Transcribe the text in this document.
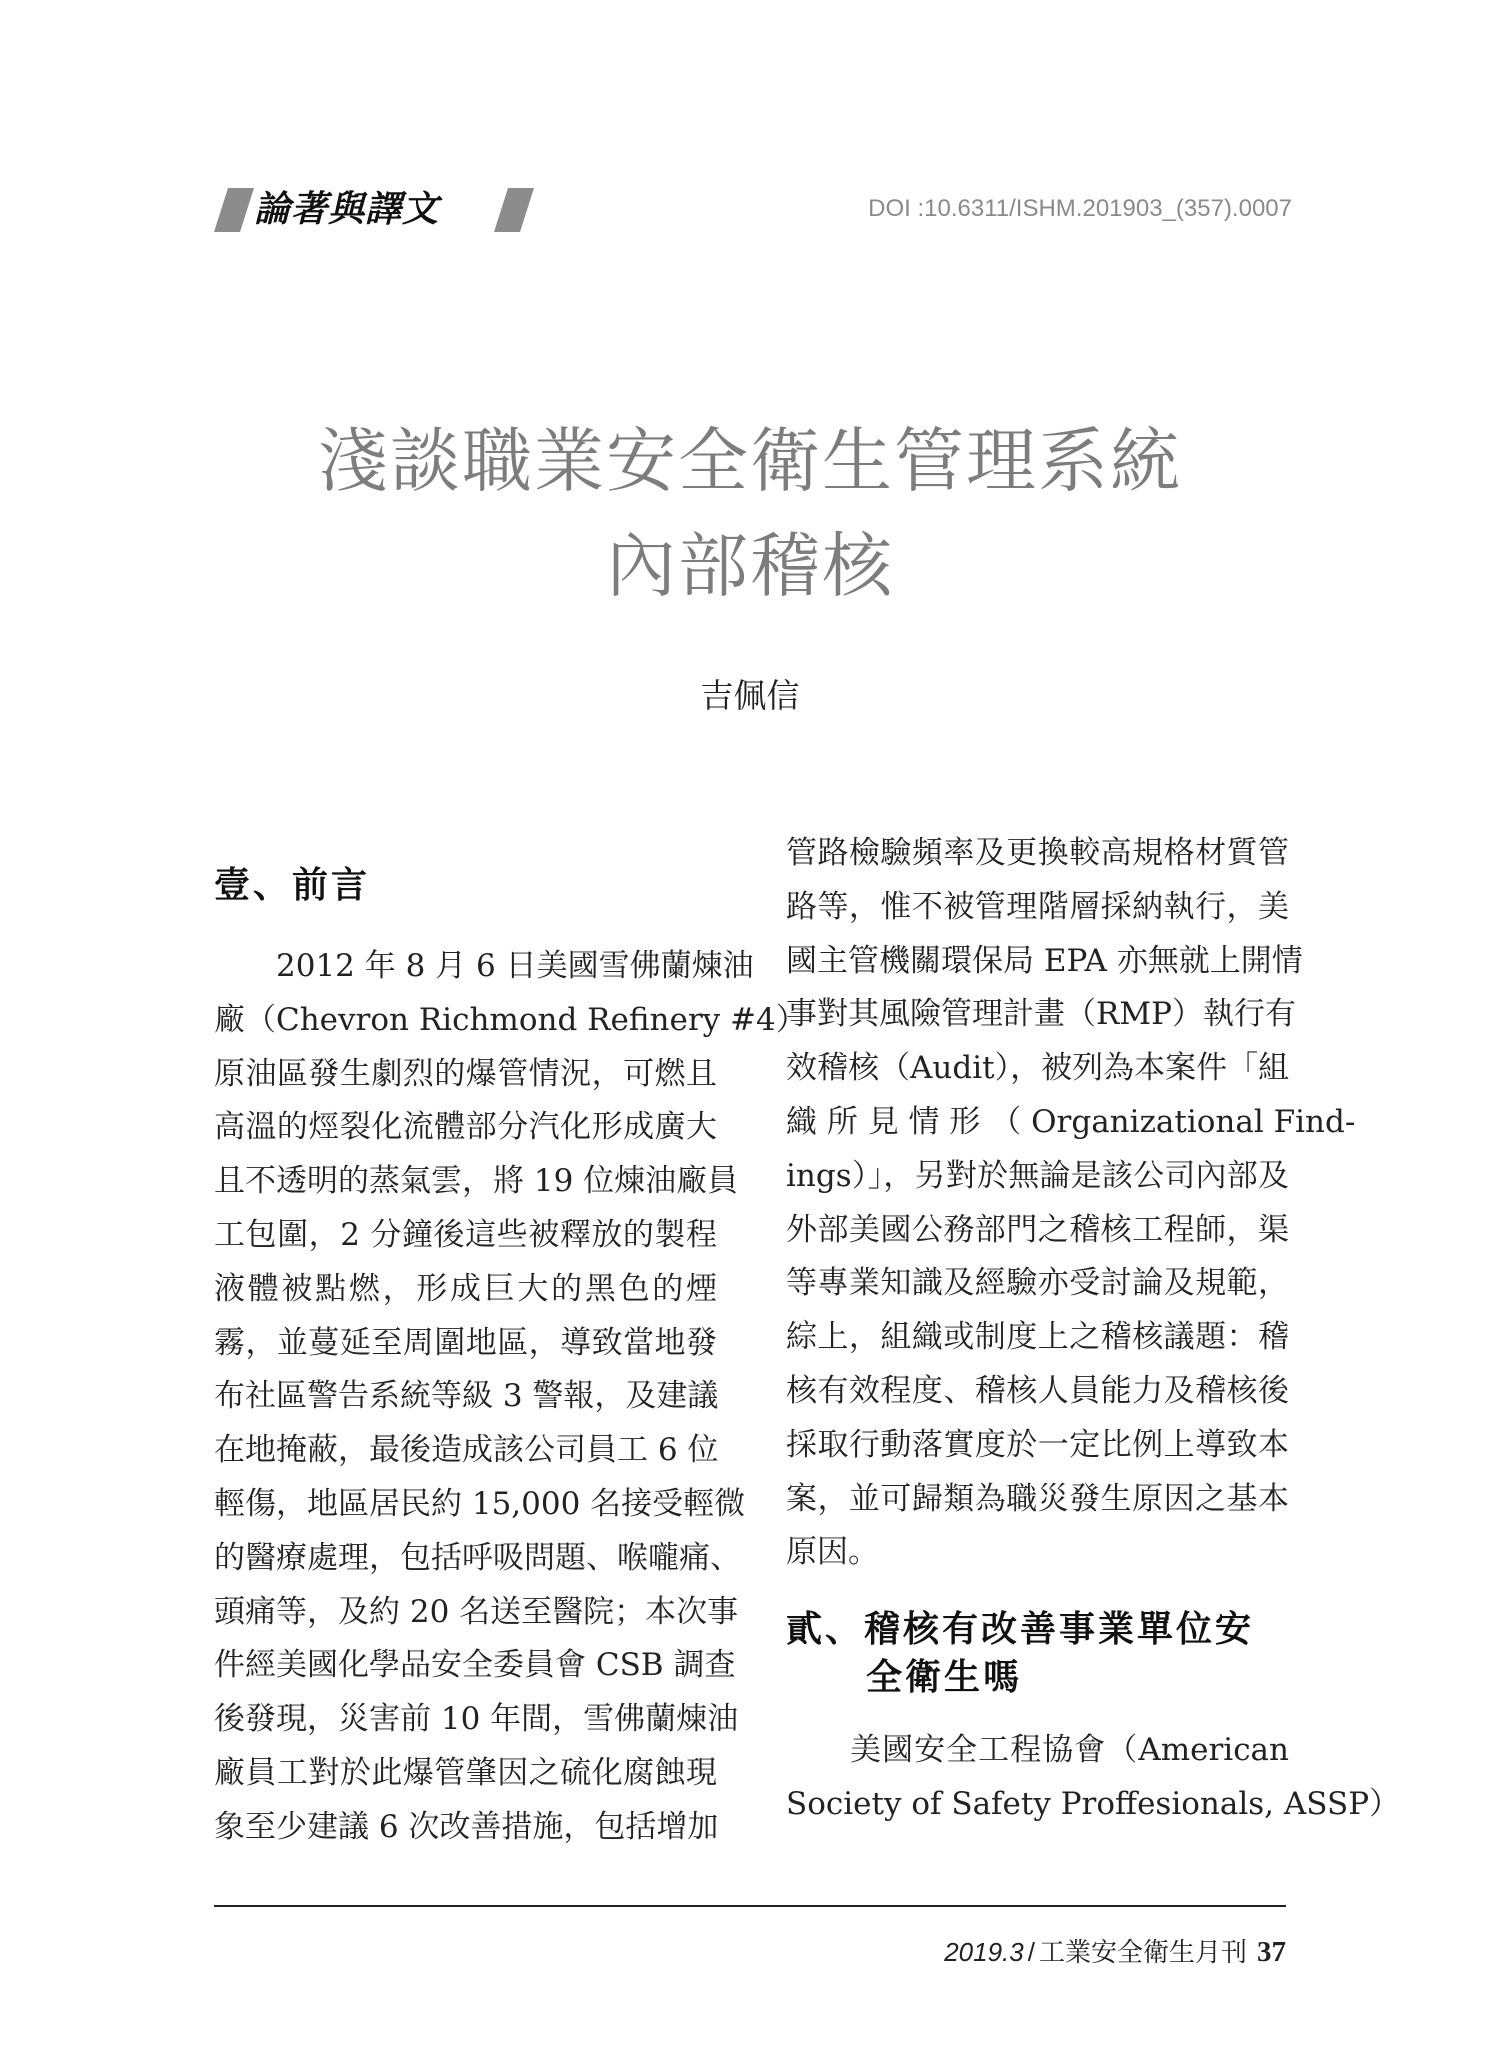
論著與譯文	DOI :10.6311/ISHM.201903_(357).0007
淺談職業安全衛生管理系統
內部稽核
吉佩信
壹、前言
　　2012 年 8 月 6 日美國雪佛蘭煉油
廠（Chevron Richmond Refinery #4）
原油區發生劇烈的爆管情況，可燃且
高溫的烴裂化流體部分汽化形成廣大
且不透明的蒸氣雲，將 19 位煉油廠員
工包圍，2 分鐘後這些被釋放的製程
液體被點燃，形成巨大的黑色的煙
霧，並蔓延至周圍地區，導致當地發
布社區警告系統等級 3 警報，及建議
在地掩蔽，最後造成該公司員工 6 位
輕傷，地區居民約 15,000 名接受輕微
的醫療處理，包括呼吸問題、喉嚨痛、
頭痛等，及約 20 名送至醫院；本次事
件經美國化學品安全委員會 CSB 調查
後發現，災害前 10 年間，雪佛蘭煉油
廠員工對於此爆管肇因之硫化腐蝕現
象至少建議 6 次改善措施，包括增加
管路檢驗頻率及更換較高規格材質管
路等，惟不被管理階層採納執行，美
國主管機關環保局 EPA 亦無就上開情
事對其風險管理計畫（RMP）執行有
效稽核（Audit），被列為本案件「組
織 所 見 情 形 （ Organizational Find-
ings）」，另對於無論是該公司內部及
外部美國公務部門之稽核工程師，渠
等專業知識及經驗亦受討論及規範，
綜上，組織或制度上之稽核議題：稽
核有效程度、稽核人員能力及稽核後
採取行動落實度於一定比例上導致本
案，並可歸類為職災發生原因之基本
原因。
貳、稽核有改善事業單位安
全衛生嗎
　　美國安全工程協會（American
Society of Safety Proffesionals, ASSP）
2019.3 / 工業安全衛生月刊 37
